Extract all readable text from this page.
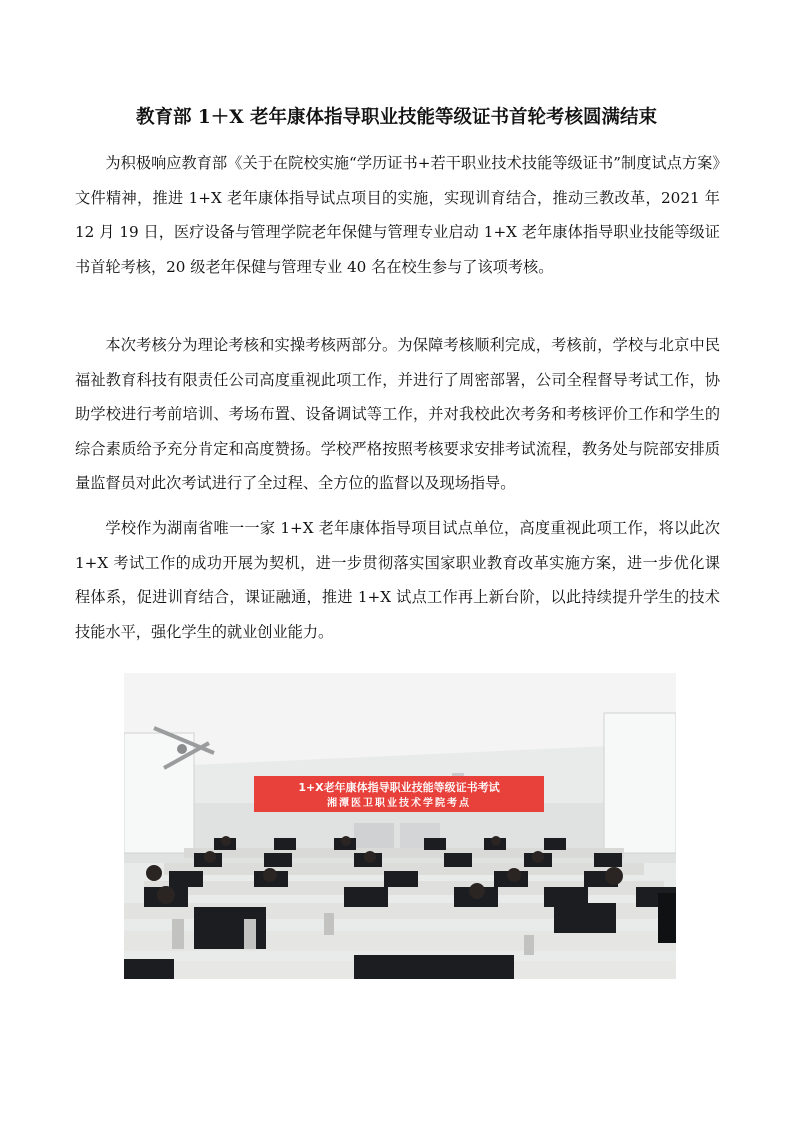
教育部 1＋X 老年康体指导职业技能等级证书首轮考核圆满结束

为积极响应教育部《关于在院校实施“学历证书+若干职业技术技能等级证书”制度试点方案》文件精神，推进 1+X 老年康体指导试点项目的实施，实现训育结合，推动三教改革，2021 年 12 月 19 日，医疗设备与管理学院老年保健与管理专业启动 1+X 老年康体指导职业技能等级证书首轮考核，20 级老年保健与管理专业 40 名在校生参与了该项考核。

本次考核分为理论考核和实操考核两部分。为保障考核顺利完成，考核前，学校与北京中民福祉教育科技有限责任公司高度重视此项工作，并进行了周密部署，公司全程督导考试工作，协助学校进行考前培训、考场布置、设备调试等工作，并对我校此次考务和考核评价工作和学生的综合素质给予充分肯定和高度赞扬。学校严格按照考核要求安排考试流程，教务处与院部安排质量监督员对此次考试进行了全过程、全方位的监督以及现场指导。

学校作为湖南省唯一一家 1+X 老年康体指导项目试点单位，高度重视此项工作，将以此次 1+X 考试工作的成功开展为契机，进一步贯彻落实国家职业教育改革实施方案，进一步优化课程体系，促进训育结合，课证融通，推进 1+X 试点工作再上新台阶，以此持续提升学生的技术技能水平，强化学生的就业创业能力。

1+X老年康体指导职业技能等级证书考试
湘潭医卫职业技术学院考点
